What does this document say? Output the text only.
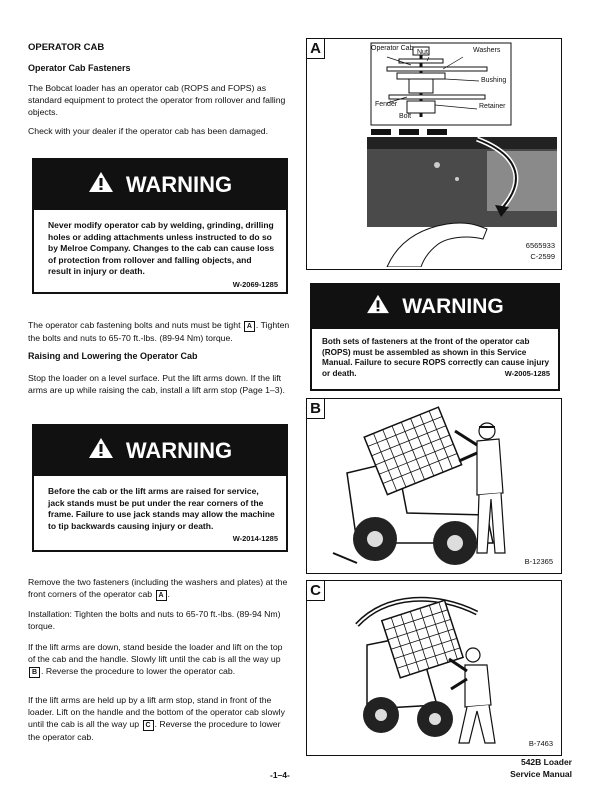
OPERATOR CAB
Operator Cab Fasteners
The Bobcat loader has an operator cab (ROPS and FOPS) as standard equipment to protect the operator from rollover and falling objects.
Check with your dealer if the operator cab has been damaged.
WARNING
Never modify operator cab by welding, grinding, drilling holes or adding attachments unless instructed to do so by Melroe Company. Changes to the cab can cause loss of protection from rollover and falling objects, and result in injury or death.
W-2069-1285
The operator cab fastening bolts and nuts must be tight A . Tighten the bolts and nuts to 65-70 ft.-lbs. (89-94 Nm) torque.
Raising and Lowering the Operator Cab
Stop the loader on a level surface. Put the lift arms down. If the lift arms are up while raising the cab, install a lift arm stop (Page 1–3).
WARNING
Before the cab or the lift arms are raised for service, jack stands must be put under the rear corners of the frame. Failure to use jack stands may allow the machine to tip backwards causing injury or death.
W-2014-1285
Remove the two fasteners (including the washers and plates) at the front corners of the operator cab A .
Installation: Tighten the bolts and nuts to 65-70 ft.-lbs. (89-94 Nm) torque.
If the lift arms are down, stand beside the loader and lift on the top of the cab and the handle. Slowly lift until the cab is all the way up B . Reverse the procedure to lower the operator cab.
If the lift arms are held up by a lift arm stop, stand in front of the loader. Lift on the handle and the bottom of the operator cab slowly until the cab is all the way up C . Reverse the procedure to lower the operator cab.
A	Operator Cab
Nut	Washers
Bushing
Fender	Retainer
Bolt
6565933
C-2599
WARNING
Both sets of fasteners at the front of the operator cab (ROPS) must be assembled as shown in this Service Manual. Failure to secure ROPS correctly can cause injury or death.	W-2005-1285
B
B-12365
C
B-7463
-1–4-
542B Loader
Service Manual
